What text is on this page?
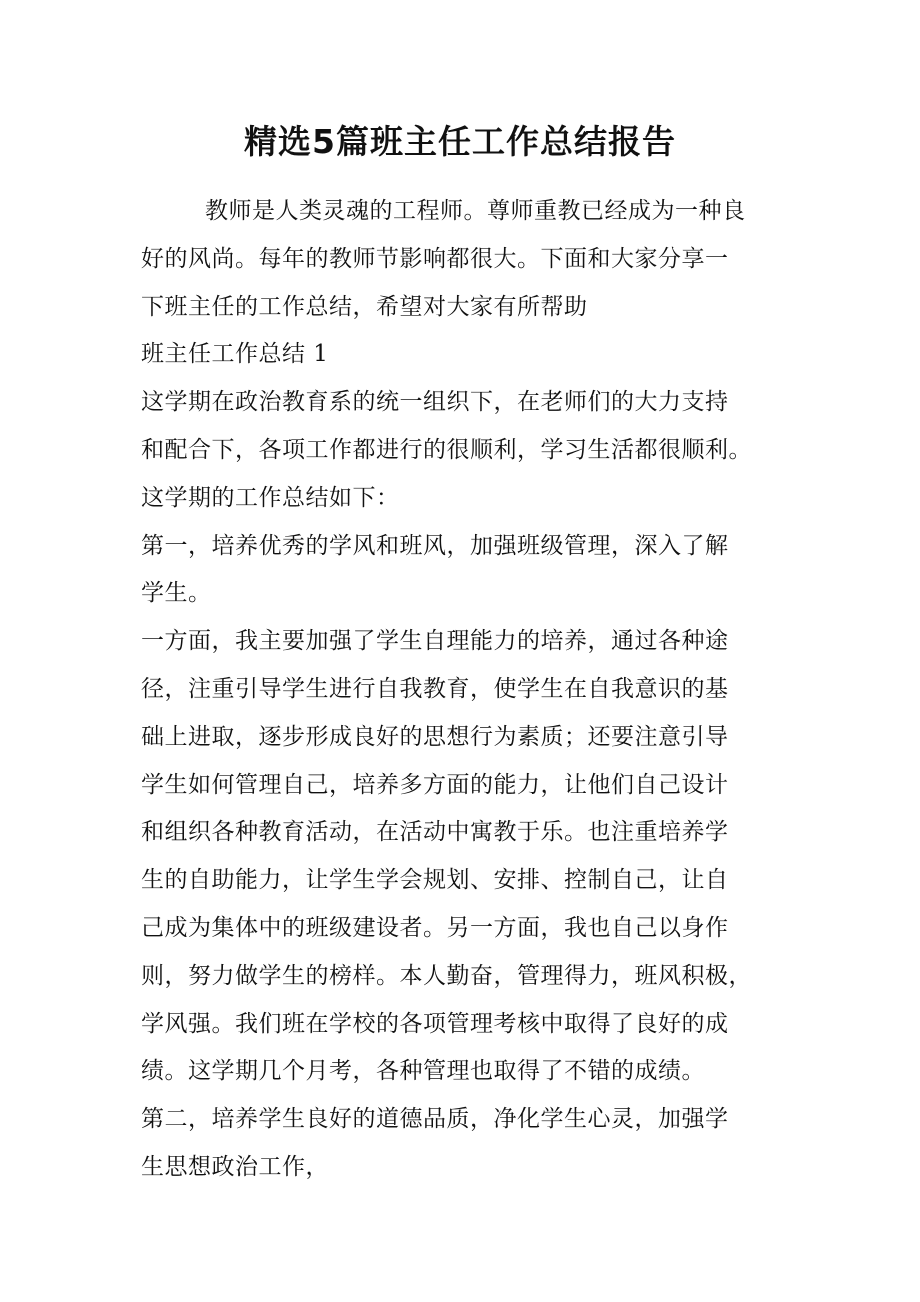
精选5篇班主任工作总结报告
教师是人类灵魂的工程师。尊师重教已经成为一种良
好的风尚。每年的教师节影响都很大。下面和大家分享一
下班主任的工作总结，希望对大家有所帮助
班主任工作总结 1
这学期在政治教育系的统一组织下，在老师们的大力支持
和配合下，各项工作都进行的很顺利，学习生活都很顺利。
这学期的工作总结如下：
第一，培养优秀的学风和班风，加强班级管理，深入了解
学生。
一方面，我主要加强了学生自理能力的培养，通过各种途
径，注重引导学生进行自我教育，使学生在自我意识的基
础上进取，逐步形成良好的思想行为素质；还要注意引导
学生如何管理自己，培养多方面的能力，让他们自己设计
和组织各种教育活动，在活动中寓教于乐。也注重培养学
生的自助能力，让学生学会规划、安排、控制自己，让自
己成为集体中的班级建设者。另一方面，我也自己以身作
则，努力做学生的榜样。本人勤奋，管理得力，班风积极，
学风强。我们班在学校的各项管理考核中取得了良好的成
绩。这学期几个月考，各种管理也取得了不错的成绩。
第二，培养学生良好的道德品质，净化学生心灵，加强学
生思想政治工作，
